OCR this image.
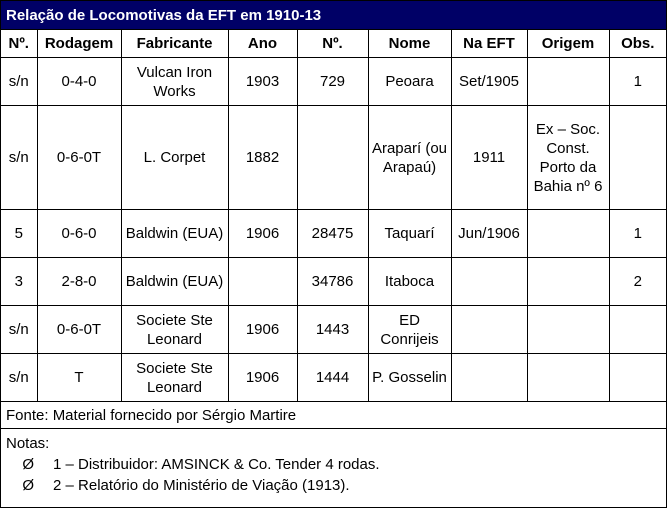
Relação de Locomotivas da EFT em 1910-13
Nº.	Rodagem	Fabricante	Ano	Nº.	Nome	Na EFT	Origem	Obs.
s/n	0-4-0	Vulcan Iron Works	1903	729	Peoara	Set/1905		1
s/n	0-6-0T	L. Corpet	1882		Araparí (ou Arapaú)	1911	Ex – Soc. Const. Porto da Bahia nº 6	
5	0-6-0	Baldwin (EUA)	1906	28475	Taquarí	Jun/1906		1
3	2-8-0	Baldwin (EUA)		34786	Itaboca			2
s/n	0-6-0T	Societe Ste Leonard	1906	1443	ED Conrijeis			
s/n	T	Societe Ste Leonard	1906	1444	P. Gosselin			
Fonte: Material fornecido por Sérgio Martire
Notas:
Ø 1 – Distribuidor: AMSINCK & Co. Tender 4 rodas.
Ø 2 – Relatório do Ministério de Viação (1913).
